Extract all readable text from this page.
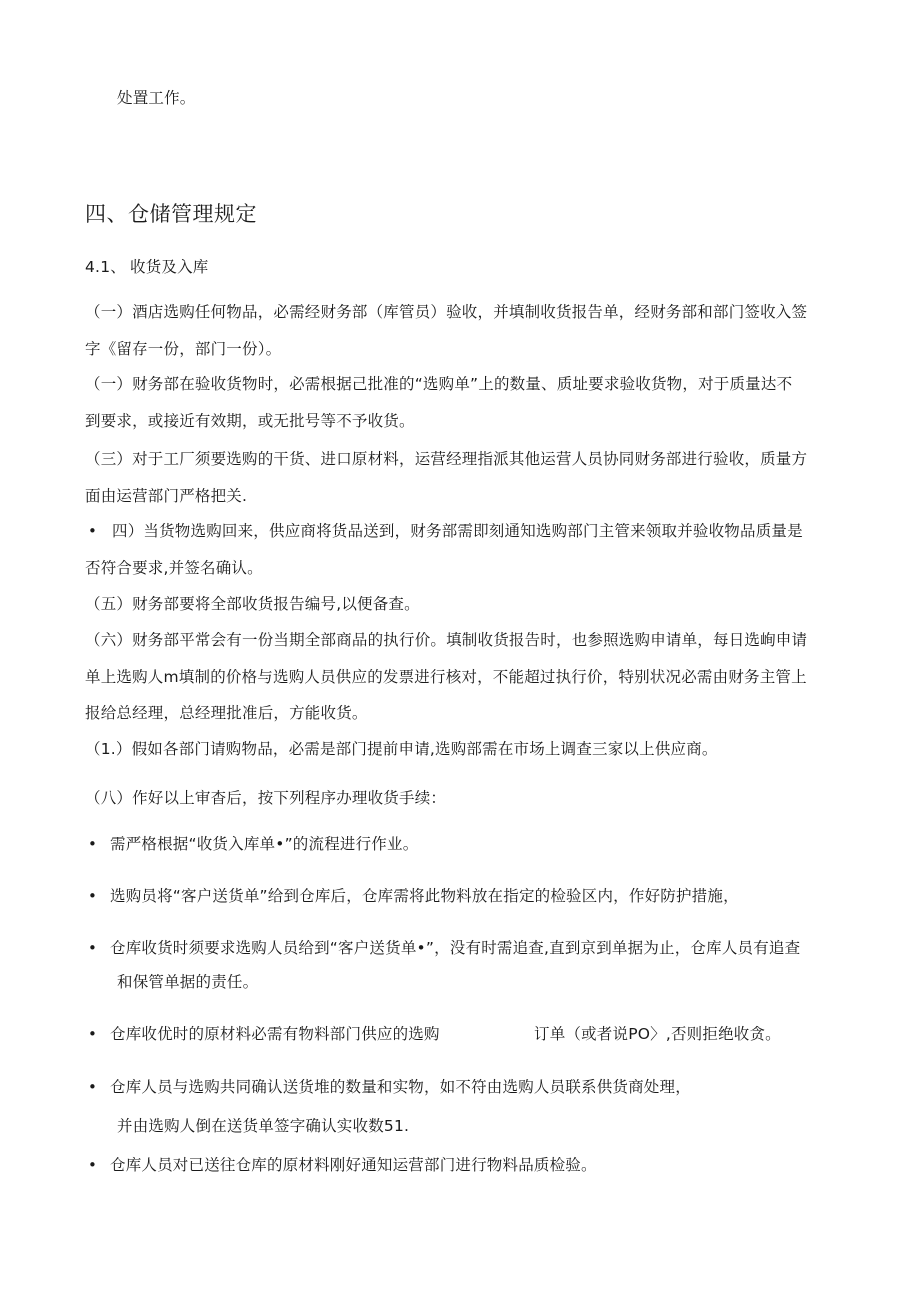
处置工作。
四、仓储管理规定
4.1、 收货及入库
（一）酒店选购任何物品，必需经财务部（库管员）验收，并填制收货报告单，经财务部和部门签收入签
字《留存一份，部门一份）。
（一）财务部在验收货物时，必需根据己批准的“选购单”上的数量、质址要求验收货物，对于质量达不
到要求，或接近有效期，或无批号等不予收货。
（三）对于工厂须要选购的干货、进口原材料，运营经理指派其他运营人员协同财务部进行验收，质量方
面由运营部门严格把关.
• 四）当货物选购回来，供应商将货品送到，财务部需即刻通知选购部门主管来领取并验收物品质量是
否符合要求,并签名确认。
（五）财务部要将全部收货报告编号,以便备查。
（六）财务部平常会有一份当期全部商品的执行价。填制收货报告时，也参照选购申请单，每日选峋申请
单上选购人m填制的价格与选购人员供应的发票进行核对，不能超过执行价，特别状况必需由财务主管上
报给总经理，总经理批准后，方能收货。
（1.）假如各部门请购物品，必需是部门提前申请,选购部需在市场上调查三家以上供应商。
（八）作好以上审杳后，按下列程序办理收货手续：
• 需严格根据“收货入库单•”的流程进行作业。
• 选购员将“客户送货单”给到仓库后，仓库需将此物料放在指定的检验区内，作好防护措施，
• 仓库收货时须要求选购人员给到“客户送货单•”，没有时需追查,直到京到单据为止，仓库人员有追查
和保管单据的责任。
• 仓库收优时的原材料必需有物料部门供应的选购	订单（或者说PO〉,否则拒绝收贪。
• 仓库人员与选购共同确认送货堆的数量和实物，如不符由选购人员联系供货商处理，
并由选购人倒在送货单签字确认实收数51.
• 仓库人员对已送往仓库的原材料刚好通知运营部门进行物料品质检验。
